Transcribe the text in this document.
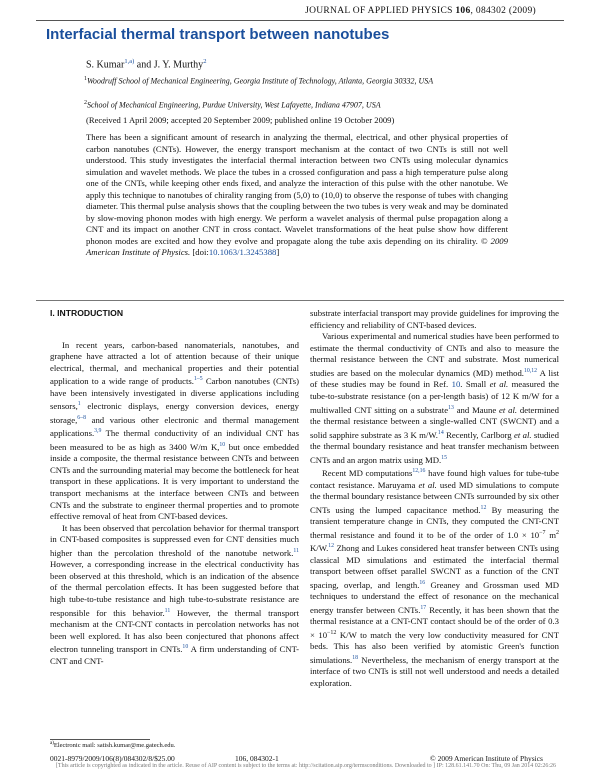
JOURNAL OF APPLIED PHYSICS 106, 084302 (2009)
Interfacial thermal transport between nanotubes
S. Kumar$^{1,a)}$ and J. Y. Murthy$^2$
$^1$Woodruff School of Mechanical Engineering, Georgia Institute of Technology, Atlanta, Georgia 30332, USA
$^2$School of Mechanical Engineering, Purdue University, West Lafayette, Indiana 47907, USA
(Received 1 April 2009; accepted 20 September 2009; published online 19 October 2009)
There has been a significant amount of research in analyzing the thermal, electrical, and other physical properties of carbon nanotubes (CNTs). However, the energy transport mechanism at the contact of two CNTs is still not well understood. This study investigates the interfacial thermal interaction between two CNTs using molecular dynamics simulation and wavelet methods. We place the tubes in a crossed configuration and pass a high temperature pulse along one of the CNTs, while keeping other ends fixed, and analyze the interaction of this pulse with the other nanotube. We apply this technique to nanotubes of chirality ranging from (5,0) to (10,0) to observe the response of tubes with changing diameter. This thermal pulse analysis shows that the coupling between the two tubes is very weak and may be dominated by slow-moving phonon modes with high energy. We perform a wavelet analysis of thermal pulse propagation along a CNT and its impact on another CNT in cross contact. Wavelet transformations of the heat pulse show how different phonon modes are excited and how they evolve and propagate along the tube axis depending on its chirality. © 2009 American Institute of Physics. [doi:10.1063/1.3245388]

I. INTRODUCTION

In recent years, carbon-based nanomaterials, nanotubes, and graphene have attracted a lot of attention because of their unique electrical, thermal, and mechanical properties and their potential application to a wide range of products.$^{1-5}$ Carbon nanotubes (CNTs) have been intensively investigated in diverse applications including sensors,$^1$ electronic displays, energy conversion devices, energy storage,$^{6-8}$ and various other electronic and thermal management applications.$^{3,9}$ The thermal conductivity of an individual CNT has been measured to be as high as 3400 W/m K,$^{10}$ but once embedded inside a composite, the thermal resistance between CNTs and between CNTs and the surrounding material may become the bottleneck for heat transport in these applications. It is very important to understand the transport mechanisms at the interface between CNTs and between CNTs and the substrate to engineer thermal properties and to promote effective removal of heat from CNT-based devices.

It has been observed that percolation behavior for thermal transport in CNT-based composites is suppressed even for CNT densities much higher than the percolation threshold of the nanotube network.$^{11}$ However, a corresponding increase in the electrical conductivity has been observed at this threshold, which is an indication of the absence of the thermal percolation effects. It has been suggested before that high tube-to-tube resistance and high tube-to-substrate resistance are responsible for this behavior.$^{11}$ However, the thermal transport mechanism at the CNT-CNT contacts in percolation networks has not been well explored. It has also been conjectured that phonons affect electron tunneling transport in CNTs.$^{10}$ A firm understanding of CNT-CNT and CNT-

substrate interfacial transport may provide guidelines for improving the efficiency and reliability of CNT-based devices.

Various experimental and numerical studies have been performed to estimate the thermal conductivity of CNTs and also to measure the thermal resistance between the CNT and substrate. Most numerical studies are based on the molecular dynamics (MD) method.$^{10,12}$ A list of these studies may be found in Ref. 10. Small et al. measured the tube-to-substrate resistance (on a per-length basis) of 12 K m/W for a multiwalled CNT sitting on a substrate$^{13}$ and Maune et al. determined the thermal resistance between a single-walled CNT (SWCNT) and a solid sapphire substrate as 3 K m/W.$^{14}$ Recently, Carlborg et al. studied the thermal boundary resistance and heat transfer mechanism between CNTs and an argon matrix using MD.$^{15}$

Recent MD computations$^{12,16}$ have found high values for tube-tube contact resistance. Maruyama et al. used MD simulations to compute the thermal boundary resistance between CNTs surrounded by six other CNTs using the lumped capacitance method.$^{12}$ By measuring the transient temperature change in CNTs, they computed the CNT-CNT thermal resistance and found it to be of the order of $1.0 \times 10^{-7}$ $m^2$ K/W.$^{12}$ Zhong and Lukes considered heat transfer between CNTs using classical MD simulations and estimated the interfacial thermal transport between offset parallel SWCNT as a function of the CNT spacing, overlap, and length.$^{16}$ Greaney and Grossman used MD techniques to understand the effect of resonance on the mechanical energy transfer between CNTs.$^{17}$ Recently, it has been shown that the thermal resistance at a CNT-CNT contact should be of the order of $0.3 \times 10^{-12}$ K/W to match the very low conductivity measured for CNT beds. This has also been verified by atomistic Green's function simulations.$^{18}$ Nevertheless, the mechanism of energy transport at the interface of two CNTs is still not well understood and needs a detailed exploration.

$^{a)}$Electronic mail: satish.kumar@me.gatech.edu.
0021-8979/2009/106(8)/084302/8/$25.00	106, 084302-1	© 2009 American Institute of Physics
[This article is copyrighted as indicated in the article. Reuse of AIP content is subject to the terms at: http://scitation.aip.org/termsconditions. Downloaded to ] IP: 128.61.141.70 On: Thu, 09 Jan 2014 02:26:26
